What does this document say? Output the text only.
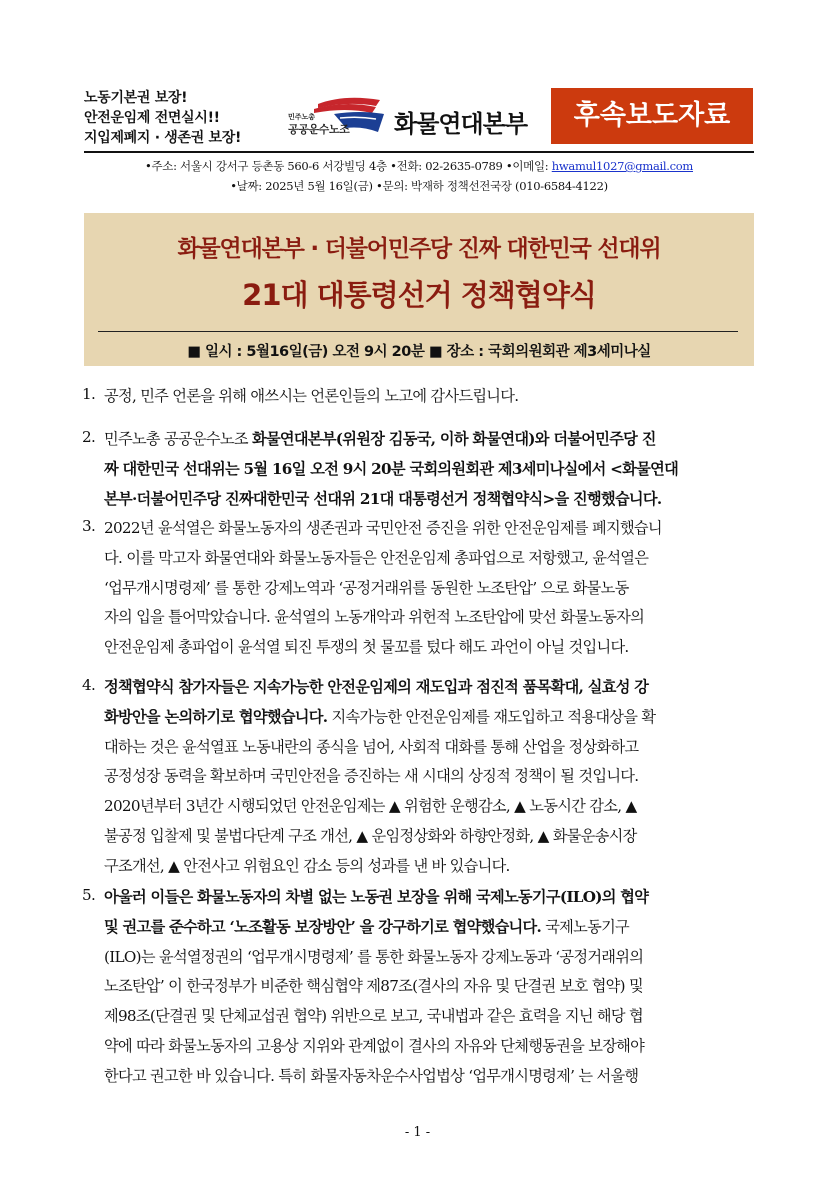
노동기본권 보장!
안전운임제 전면실시!!
지입제폐지 · 생존권 보장!
민주노총
공공운수노조 화물연대본부	후속보도자료
•주소: 서울시 강서구 등촌동 560-6 서강빌딩 4층 •전화: 02-2635-0789 •이메일: hwamul1027@gmail.com
•날짜: 2025년 5월 16일(금) •문의: 박재하 정책선전국장 (010-6584-4122)
화물연대본부 · 더불어민주당 진짜 대한민국 선대위
21대 대통령선거 정책협약식
■ 일시 : 5월16일(금) 오전 9시 20분 ■ 장소 : 국회의원회관 제3세미나실
1. 공정, 민주 언론을 위해 애쓰시는 언론인들의 노고에 감사드립니다.
2. 민주노총 공공운수노조 화물연대본부(위원장 김동국, 이하 화물연대)와 더불어민주당 진
짜 대한민국 선대위는 5월 16일 오전 9시 20분 국회의원회관 제3세미나실에서 <화물연대
본부·더불어민주당 진짜대한민국 선대위 21대 대통령선거 정책협약식>을 진행했습니다.
3. 2022년 윤석열은 화물노동자의 생존권과 국민안전 증진을 위한 안전운임제를 폐지했습니
다. 이를 막고자 화물연대와 화물노동자들은 안전운임제 총파업으로 저항했고, 윤석열은
‘업무개시명령제’ 를 통한 강제노역과 ‘공정거래위를 동원한 노조탄압’ 으로 화물노동
자의 입을 틀어막았습니다. 윤석열의 노동개악과 위헌적 노조탄압에 맞선 화물노동자의
안전운임제 총파업이 윤석열 퇴진 투쟁의 첫 물꼬를 텄다 해도 과언이 아닐 것입니다.
4. 정책협약식 참가자들은 지속가능한 안전운임제의 재도입과 점진적 품목확대, 실효성 강
화방안을 논의하기로 협약했습니다. 지속가능한 안전운임제를 재도입하고 적용대상을 확
대하는 것은 윤석열표 노동내란의 종식을 넘어, 사회적 대화를 통해 산업을 정상화하고
공정성장 동력을 확보하며 국민안전을 증진하는 새 시대의 상징적 정책이 될 것입니다.
2020년부터 3년간 시행되었던 안전운임제는 ▲ 위험한 운행감소, ▲ 노동시간 감소, ▲
불공정 입찰제 및 불법다단계 구조 개선, ▲ 운임정상화와 하향안정화, ▲ 화물운송시장
구조개선, ▲ 안전사고 위험요인 감소 등의 성과를 낸 바 있습니다.
5. 아울러 이들은 화물노동자의 차별 없는 노동권 보장을 위해 국제노동기구(ILO)의 협약
및 권고를 준수하고 ‘노조활동 보장방안’ 을 강구하기로 협약했습니다. 국제노동기구
(ILO)는 윤석열정권의 ‘업무개시명령제’ 를 통한 화물노동자 강제노동과 ‘공정거래위의
노조탄압’ 이 한국정부가 비준한 핵심협약 제87조(결사의 자유 및 단결권 보호 협약) 및
제98조(단결권 및 단체교섭권 협약) 위반으로 보고, 국내법과 같은 효력을 지닌 해당 협
약에 따라 화물노동자의 고용상 지위와 관계없이 결사의 자유와 단체행동권을 보장해야
한다고 권고한 바 있습니다. 특히 화물자동차운수사업법상 ‘업무개시명령제’ 는 서울행
- 1 -
